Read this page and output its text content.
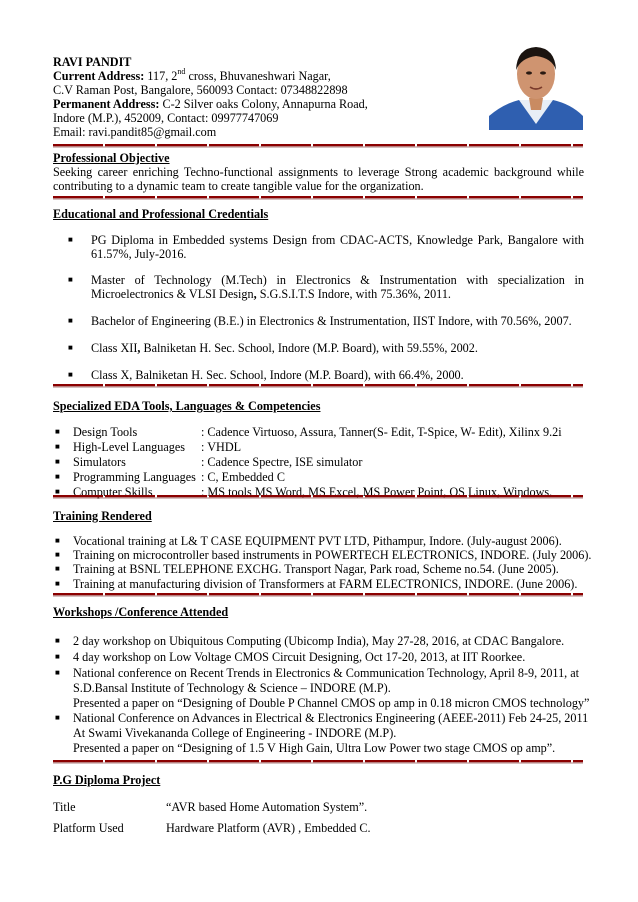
RAVI PANDIT
Current Address: 117, 2nd cross, Bhuvaneshwari Nagar,
C.V Raman Post, Bangalore, 560093 Contact: 07348822898
Permanent Address: C-2 Silver oaks Colony, Annapurna Road,
Indore (M.P.), 452009, Contact: 09977747069
Email: ravi.pandit85@gmail.com
Professional Objective
Seeking career enriching Techno-functional assignments to leverage Strong academic background while contributing to a dynamic team to create tangible value for the organization.
Educational and Professional Credentials
■ PG Diploma in Embedded systems Design from CDAC-ACTS, Knowledge Park, Bangalore with 61.57%, July-2016.
■ Master of Technology (M.Tech) in Electronics & Instrumentation with specialization in Microelectronics & VLSI Design, S.G.S.I.T.S Indore, with 75.36%, 2011.
■ Bachelor of Engineering (B.E.) in Electronics & Instrumentation, IIST Indore, with 70.56%, 2007.
■ Class XII, Balniketan H. Sec. School, Indore (M.P. Board), with 59.55%, 2002.
■ Class X, Balniketan H. Sec. School, Indore (M.P. Board), with 66.4%, 2000.
Specialized EDA Tools, Languages & Competencies
■ Design Tools	: Cadence Virtuoso, Assura, Tanner(S- Edit, T-Spice, W- Edit), Xilinx 9.2i
■ High-Level Languages : VHDL
■ Simulators	: Cadence Spectre, ISE simulator
■ Programming Languages : C, Embedded C
■ Computer Skills	: MS tools MS Word, MS Excel, MS Power Point, OS Linux, Windows.
Training Rendered
■ Vocational training at L& T CASE EQUIPMENT PVT LTD, Pithampur, Indore. (July-august 2006).
■ Training on microcontroller based instruments in POWERTECH ELECTRONICS, INDORE. (July 2006).
■ Training at BSNL TELEPHONE EXCHG. Transport Nagar, Park road, Scheme no.54. (June 2005).
■ Training at manufacturing division of Transformers at FARM ELECTRONICS, INDORE. (June 2006).
Workshops /Conference Attended
■ 2 day workshop on Ubiquitous Computing (Ubicomp India), May 27-28, 2016, at CDAC Bangalore.
■ 4 day workshop on Low Voltage CMOS Circuit Designing, Oct 17-20, 2013, at IIT Roorkee.
■ National conference on Recent Trends in Electronics & Communication Technology, April 8-9, 2011, at
S.D.Bansal Institute of Technology & Science – INDORE (M.P).
Presented a paper on “Designing of Double P Channel CMOS op amp in 0.18 micron CMOS technology”
■ National Conference on Advances in Electrical & Electronics Engineering (AEEE-2011) Feb 24-25, 2011
At Swami Vivekananda College of Engineering - INDORE (M.P).
Presented a paper on “Designing of 1.5 V High Gain, Ultra Low Power two stage CMOS op amp”.
P.G Diploma Project
Title	“AVR based Home Automation System”.
Platform Used	Hardware Platform (AVR) , Embedded C.
